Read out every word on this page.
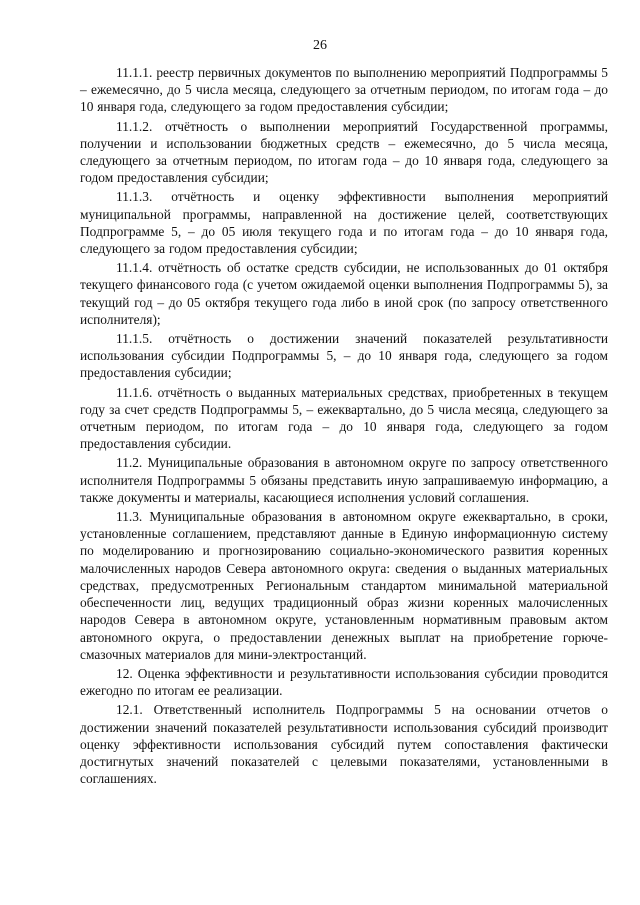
26

11.1.1. реестр первичных документов по выполнению мероприятий Подпрограммы 5 – ежемесячно, до 5 числа месяца, следующего за отчетным периодом, по итогам года – до 10 января года, следующего за годом предоставления субсидии;

11.1.2. отчётность о выполнении мероприятий Государственной программы, получении и использовании бюджетных средств – ежемесячно, до 5 числа месяца, следующего за отчетным периодом, по итогам года – до 10 января года, следующего за годом предоставления субсидии;

11.1.3. отчётность и оценку эффективности выполнения мероприятий муниципальной программы, направленной на достижение целей, соответствующих Подпрограмме 5, – до 05 июля текущего года и по итогам года – до 10 января года, следующего за годом предоставления субсидии;

11.1.4. отчётность об остатке средств субсидии, не использованных до 01 октября текущего финансового года (с учетом ожидаемой оценки выполнения Подпрограммы 5), за текущий год – до 05 октября текущего года либо в иной срок (по запросу ответственного исполнителя);

11.1.5. отчётность о достижении значений показателей результативности использования субсидии Подпрограммы 5, – до 10 января года, следующего за годом предоставления субсидии;

11.1.6. отчётность о выданных материальных средствах, приобретенных в текущем году за счет средств Подпрограммы 5, – ежеквартально, до 5 числа месяца, следующего за отчетным периодом, по итогам года – до 10 января года, следующего за годом предоставления субсидии.

11.2. Муниципальные образования в автономном округе по запросу ответственного исполнителя Подпрограммы 5 обязаны представить иную запрашиваемую информацию, а также документы и материалы, касающиеся исполнения условий соглашения.

11.3. Муниципальные образования в автономном округе ежеквартально, в сроки, установленные соглашением, представляют данные в Единую информационную систему по моделированию и прогнозированию социально-экономического развития коренных малочисленных народов Севера автономного округа: сведения о выданных материальных средствах, предусмотренных Региональным стандартом минимальной материальной обеспеченности лиц, ведущих традиционный образ жизни коренных малочисленных народов Севера в автономном округе, установленным нормативным правовым актом автономного округа, о предоставлении денежных выплат на приобретение горюче-смазочных материалов для мини-электростанций.

12. Оценка эффективности и результативности использования субсидии проводится ежегодно по итогам ее реализации.

12.1. Ответственный исполнитель Подпрограммы 5 на основании отчетов о достижении значений показателей результативности использования субсидий производит оценку эффективности использования субсидий путем сопоставления фактически достигнутых значений показателей с целевыми показателями, установленными в соглашениях.
